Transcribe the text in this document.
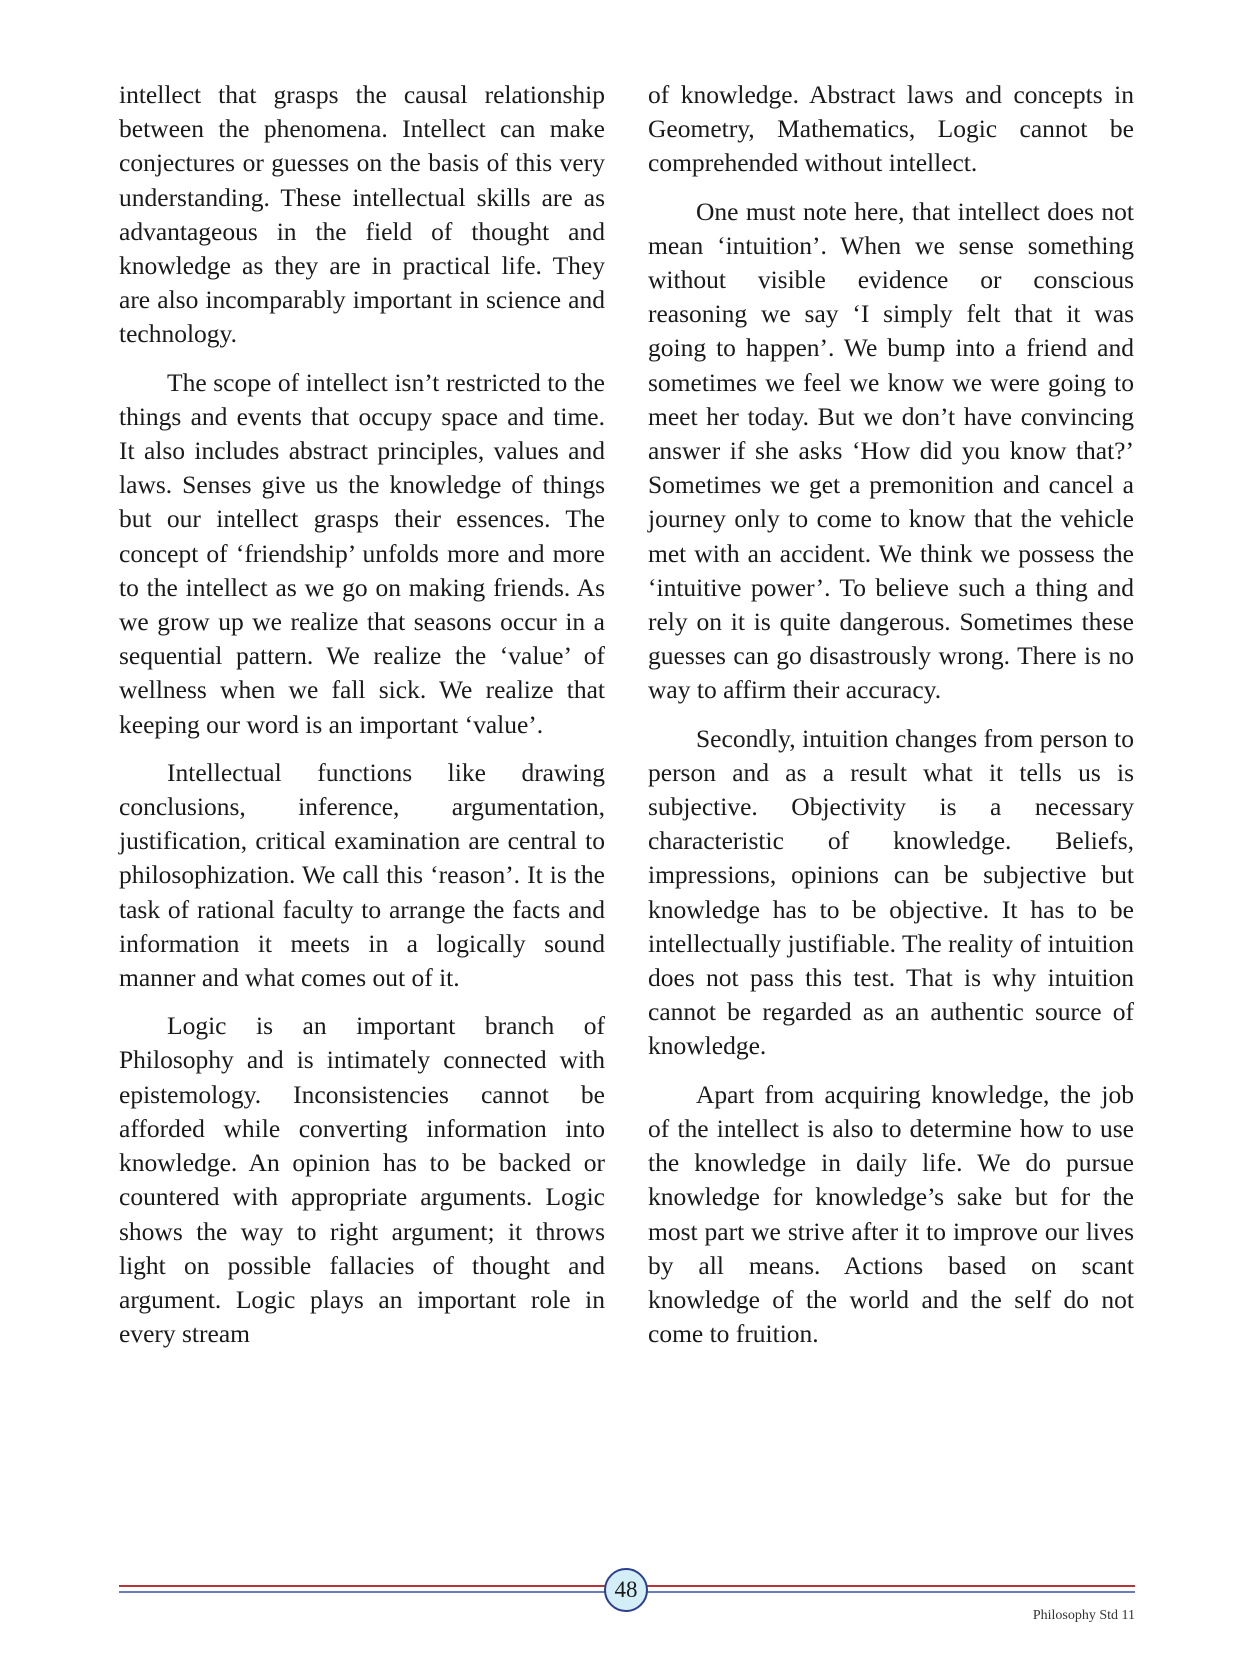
intellect that grasps the causal relationship between the phenomena. Intellect can make conjectures or guesses on the basis of this very understanding. These intellectual skills are as advantageous in the field of thought and knowledge as they are in practical life. They are also incomparably important in science and technology.

The scope of intellect isn’t restricted to the things and events that occupy space and time. It also includes abstract principles, values and laws. Senses give us the knowledge of things but our intellect grasps their essences. The concept of ‘friendship’ unfolds more and more to the intellect as we go on making friends. As we grow up we realize that seasons occur in a sequential pattern. We realize the ‘value’ of wellness when we fall sick. We realize that keeping our word is an important ‘value’.

Intellectual functions like drawing conclusions, inference, argumentation, justification, critical examination are central to philosophization. We call this ‘reason’. It is the task of rational faculty to arrange the facts and information it meets in a logically sound manner and what comes out of it.

Logic is an important branch of Philosophy and is intimately connected with epistemology. Inconsistencies cannot be afforded while converting information into knowledge. An opinion has to be backed or countered with appropriate arguments. Logic shows the way to right argument; it throws light on possible fallacies of thought and argument. Logic plays an important role in every stream

of knowledge. Abstract laws and concepts in Geometry, Mathematics, Logic cannot be comprehended without intellect.

One must note here, that intellect does not mean ‘intuition’. When we sense something without visible evidence or conscious reasoning we say ‘I simply felt that it was going to happen’. We bump into a friend and sometimes we feel we know we were going to meet her today. But we don’t have convincing answer if she asks ‘How did you know that?’ Sometimes we get a premonition and cancel a journey only to come to know that the vehicle met with an accident. We think we possess the ‘intuitive power’. To believe such a thing and rely on it is quite dangerous. Sometimes these guesses can go disastrously wrong. There is no way to affirm their accuracy.

Secondly, intuition changes from person to person and as a result what it tells us is subjective. Objectivity is a necessary characteristic of knowledge. Beliefs, impressions, opinions can be subjective but knowledge has to be objective. It has to be intellectually justifiable. The reality of intuition does not pass this test. That is why intuition cannot be regarded as an authentic source of knowledge.

Apart from acquiring knowledge, the job of the intellect is also to determine how to use the knowledge in daily life. We do pursue knowledge for knowledge’s sake but for the most part we strive after it to improve our lives by all means. Actions based on scant knowledge of the world and the self do not come to fruition.

48
Philosophy Std 11
